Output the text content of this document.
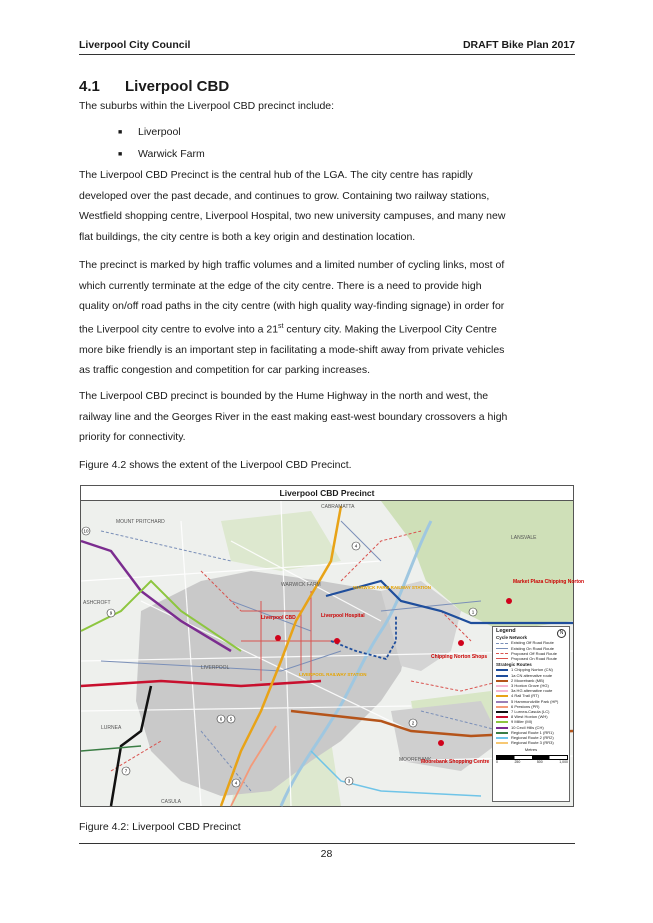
Liverpool City Council	DRAFT Bike Plan 2017
4.1 Liverpool CBD

The suburbs within the Liverpool CBD precinct include:

■ Liverpool
■ Warwick Farm
The Liverpool CBD Precinct is the central hub of the LGA. The city centre has rapidly
developed over the past decade, and continues to grow. Containing two railway stations,
Westfield shopping centre, Liverpool Hospital, two new university campuses, and many new
flat buildings, the city centre is both a key origin and destination location.
The precinct is marked by high traffic volumes and a limited number of cycling links, most of
which currently terminate at the edge of the city centre. There is a need to provide high
quality on/off road paths in the city centre (with high quality way-finding signage) in order for
the Liverpool city centre to evolve into a 21st century city. Making the Liverpool City Centre
more bike friendly is an important step in facilitating a mode-shift away from private vehicles
as traffic congestion and competition for car parking increases.
The Liverpool CBD precinct is bounded by the Hume Highway in the north and west, the
railway line and the Georges River in the east making east-west boundary crossovers a high
priority for connectivity.

Figure 4.2 shows the extent of the Liverpool CBD Precinct.

Liverpool CBD Precinct
CABRAMATTA
MOUNT PRITCHARD
LANSVALE
ASHCROFT
WARWICK FARM
LIVERPOOL
LURNEA
MOOREBANK
CASULA
Liverpool CBD	Liverpool Hospital
Market Plaza Chipping Norton
Chipping Norton Shops
Moorebank Shopping Centre
WARWICK FARM RAILWAY STATION
LIVERPOOL RAILWAY STATION
10
4
9	1
2
6 5
7
4	3
Legend	N
Cycle Network
Existing Off Road Route
Existing On Road Route
Proposed Off Road Route
Proposed On Road Route
Strategic Routes
1 Chipping Norton (CN)
1a CN alternative route
2 Moorebank (MB)
3 Hoxton Grove (HG)
3a HG alternative route
4 Rail Trail (RT)
5 Hammondville Park (HP)
6 Prestons (PR)
7 Lurnea-Casula (LC)
8 West Hoxton (WH)
9 Miller (MI)
10 Cecil Hills (CH)
Regional Route 1 (RR1)
Regional Route 2 (RR2)
Regional Route 3 (RR3)
Metres
0	250	500	1,000
Figure 4.2: Liverpool CBD Precinct
28
